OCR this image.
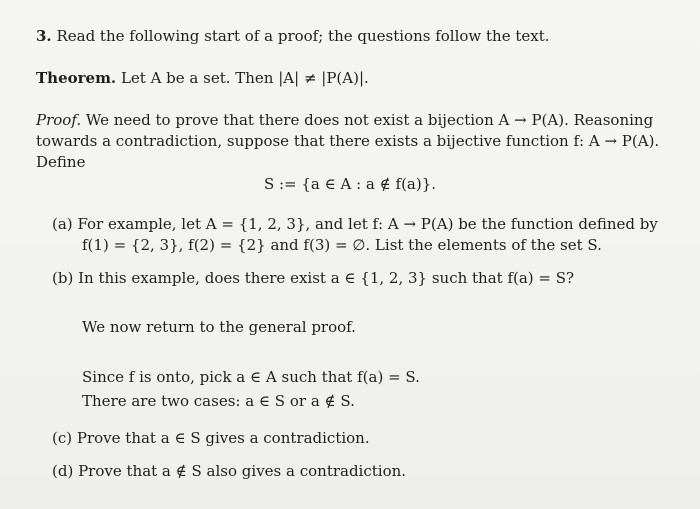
3. Read the following start of a proof; the questions follow the text.
Theorem. Let A be a set. Then |A| ≠ |P(A)|.
Proof. We need to prove that there does not exist a bijection A → P(A). Reasoning
towards a contradiction, suppose that there exists a bijective function f: A → P(A).
Define
S := {a ∈ A : a ∉ f(a)}.
(a) For example, let A = {1, 2, 3}, and let f: A → P(A) be the function defined by
f(1) = {2, 3}, f(2) = {2} and f(3) = ∅. List the elements of the set S.
(b) In this example, does there exist a ∈ {1, 2, 3} such that f(a) = S?
We now return to the general proof.
Since f is onto, pick a ∈ A such that f(a) = S.
There are two cases: a ∈ S or a ∉ S.
(c) Prove that a ∈ S gives a contradiction.
(d) Prove that a ∉ S also gives a contradiction.
